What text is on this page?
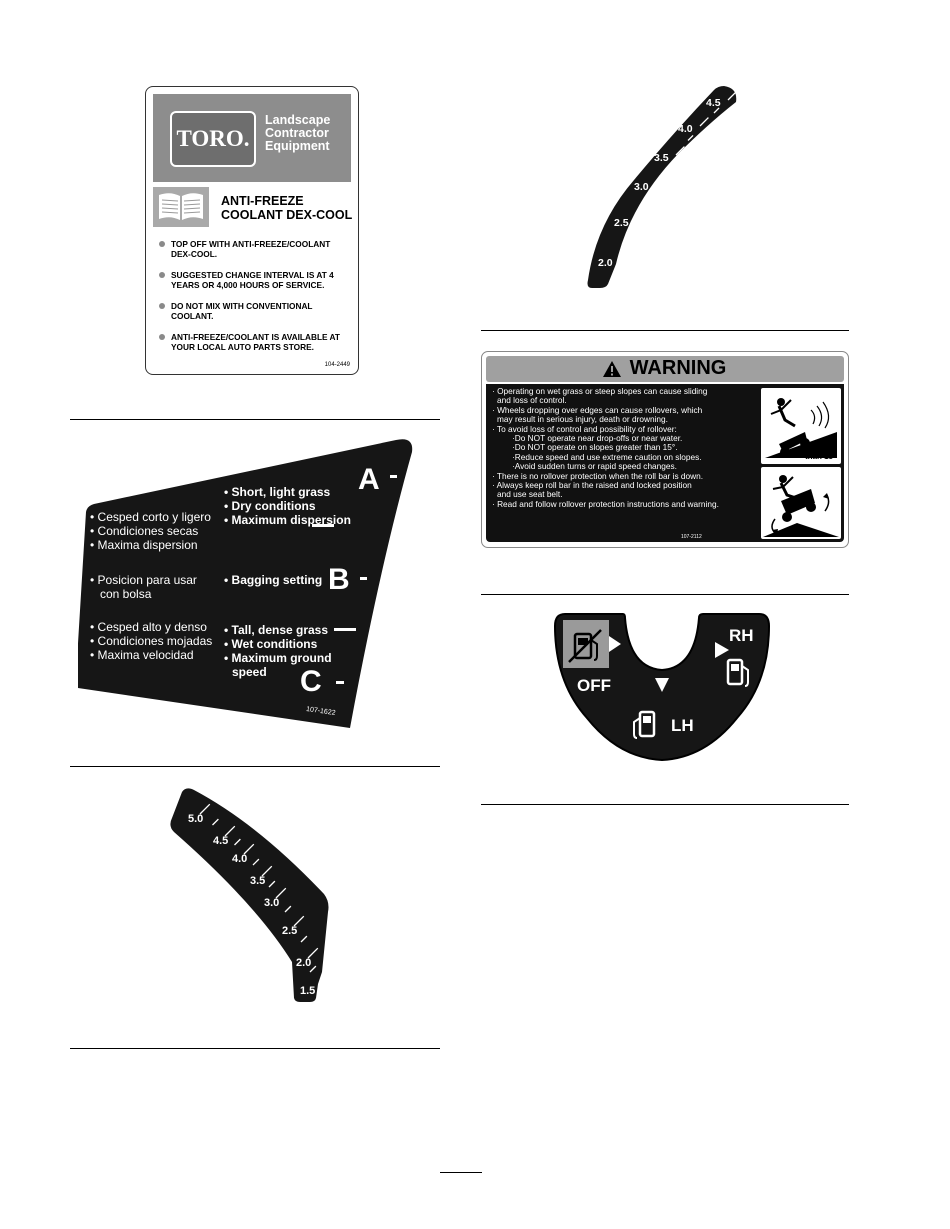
TORO.
Landscape
Contractor
Equipment
ANTI-FREEZE
COOLANT DEX-COOL
TOP OFF WITH ANTI-FREEZE/COOLANT DEX-COOL.
SUGGESTED CHANGE INTERVAL IS AT 4 YEARS OR 4,000 HOURS OF SERVICE.
DO NOT MIX WITH CONVENTIONAL COOLANT.
ANTI-FREEZE/COOLANT IS AVAILABLE AT YOUR LOCAL AUTO PARTS STORE.
104-2449
• Cesped corto y ligero
• Condiciones secas
• Maxima dispersion
• Short, light grass
• Dry conditions
• Maximum dispersion
A
• Posicion para usar
con bolsa
• Bagging setting B
• Cesped alto y denso
• Condiciones mojadas
• Maxima velocidad
• Tall, dense grass
• Wet conditions
• Maximum ground
speed	C
107-1622
5.0
4.5
4.0
3.5
3.0
2.5
2.0
1.5
4.5
4.0
3.5
3.0
2.5
2.0
WARNING

· Operating on wet grass or steep slopes can cause sliding

and loss of control.

· Wheels dropping over edges can cause rollovers, which

may result in serious injury, death or drowning.

· To avoid loss of control and possibility of rollover:

·Do NOT operate near drop-offs or near water.

·Do NOT operate on slopes greater than 15°.

·Reduce speed and use extreme caution on slopes.

·Avoid sudden turns or rapid speed changes.

· There is no rollover protection when the roll bar is down.

· Always keep roll bar in the raised and locked position

and use seat belt.

· Read and follow rollover protection instructions and warning.

Greater
than 15°
107-2112
OFF
LH
RH
